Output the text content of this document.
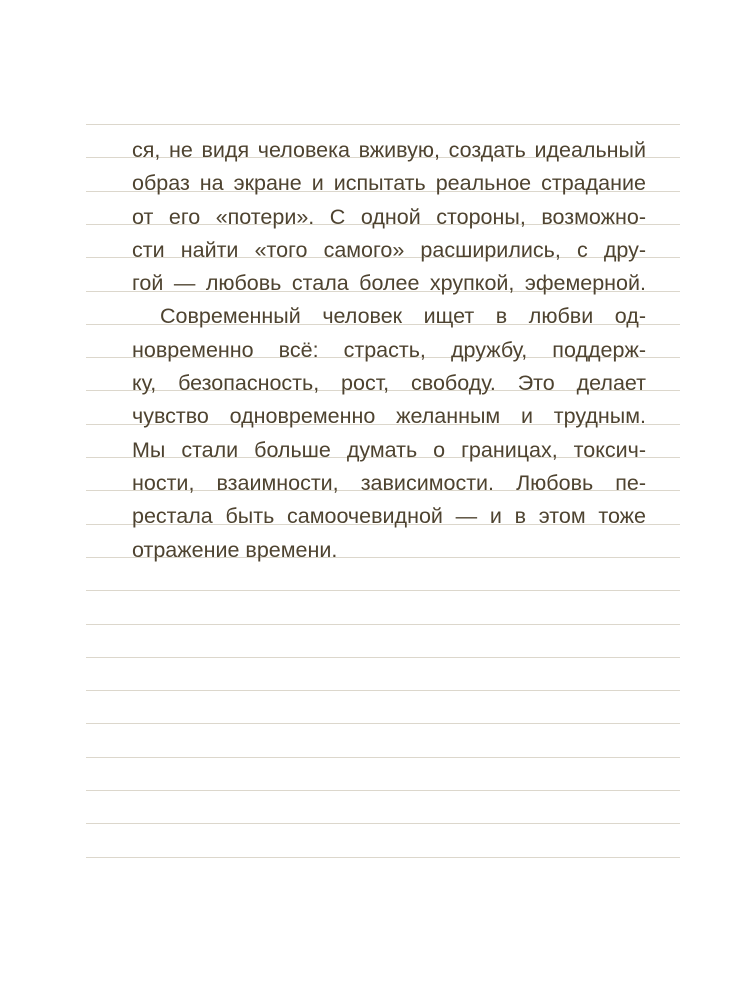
ся, не видя человека вживую, создать идеальный
образ на экране и испытать реальное страдание
от его «потери». С одной стороны, возможно-
сти найти «того самого» расширились, с дру-
гой — любовь стала более хрупкой, эфемерной.
Современный человек ищет в любви од-
новременно всё: страсть, дружбу, поддерж-
ку, безопасность, рост, свободу. Это делает
чувство одновременно желанным и трудным.
Мы стали больше думать о границах, токсич-
ности, взаимности, зависимости. Любовь пе-
рестала быть самоочевидной — и в этом тоже
отражение времени.
